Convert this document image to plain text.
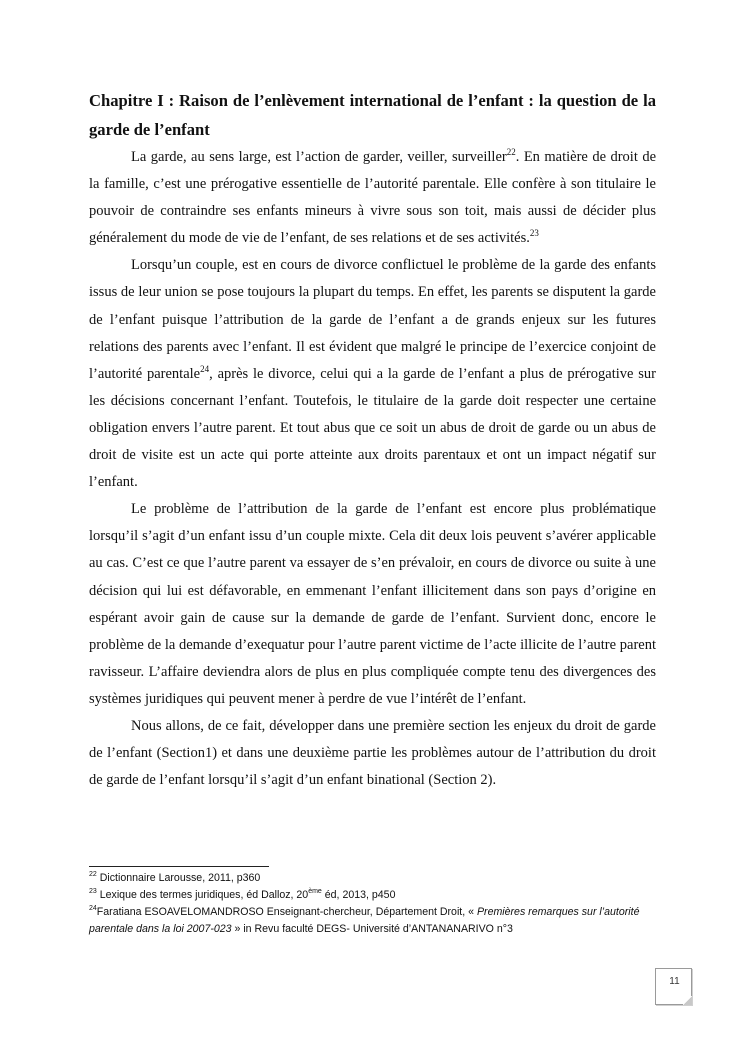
Chapitre I : Raison de l’enlèvement international de l’enfant : la question de la garde de l’enfant

La garde, au sens large, est l’action de garder, veiller, surveiller$^{22}$. En matière de droit de la famille, c’est une prérogative essentielle de l’autorité parentale. Elle confère à son titulaire le pouvoir de contraindre ses enfants mineurs à vivre sous son toit, mais aussi de décider plus généralement du mode de vie de l’enfant, de ses relations et de ses activités.$^{23}$

Lorsqu’un couple, est en cours de divorce conflictuel le problème de la garde des enfants issus de leur union se pose toujours la plupart du temps. En effet, les parents se disputent la garde de l’enfant puisque l’attribution de la garde de l’enfant a de grands enjeux sur les futures relations des parents avec l’enfant. Il est évident que malgré le principe de l’exercice conjoint de l’autorité parentale$^{24}$, après le divorce, celui qui a la garde de l’enfant a plus de prérogative sur les décisions concernant l’enfant. Toutefois, le titulaire de la garde doit respecter une certaine obligation envers l’autre parent. Et tout abus que ce soit un abus de droit de garde ou un abus de droit de visite est un acte qui porte atteinte aux droits parentaux et ont un impact négatif sur l’enfant.

Le problème de l’attribution de la garde de l’enfant est encore plus problématique lorsqu’il s’agit d’un enfant issu d’un couple mixte. Cela dit deux lois peuvent s’avérer applicable au cas. C’est ce que l’autre parent va essayer de s’en prévaloir, en cours de divorce ou suite à une décision qui lui est défavorable, en emmenant l’enfant illicitement dans son pays d’origine en espérant avoir gain de cause sur la demande de garde de l’enfant. Survient donc, encore le problème de la demande d’exequatur pour l’autre parent victime de l’acte illicite de l’autre parent ravisseur. L’affaire deviendra alors de plus en plus compliquée compte tenu des divergences des systèmes juridiques qui peuvent mener à perdre de vue l’intérêt de l’enfant.

Nous allons, de ce fait, développer dans une première section les enjeux du droit de garde de l’enfant (Section1) et dans une deuxième partie les problèmes autour de l’attribution du droit de garde de l’enfant lorsqu’il s’agit d’un enfant binational (Section 2).

$^{22}$ Dictionnaire Larousse, 2011, p360

$^{23}$ Lexique des termes juridiques, éd Dalloz, 20ème éd, 2013, p450

$^{24}$Faratiana ESOAVELOMANDROSO Enseignant-chercheur, Département Droit, « Premières remarques sur l’autorité parentale dans la loi 2007-023 » in Revu faculté DEGS- Université d’ANTANANARIVO n°3

11
